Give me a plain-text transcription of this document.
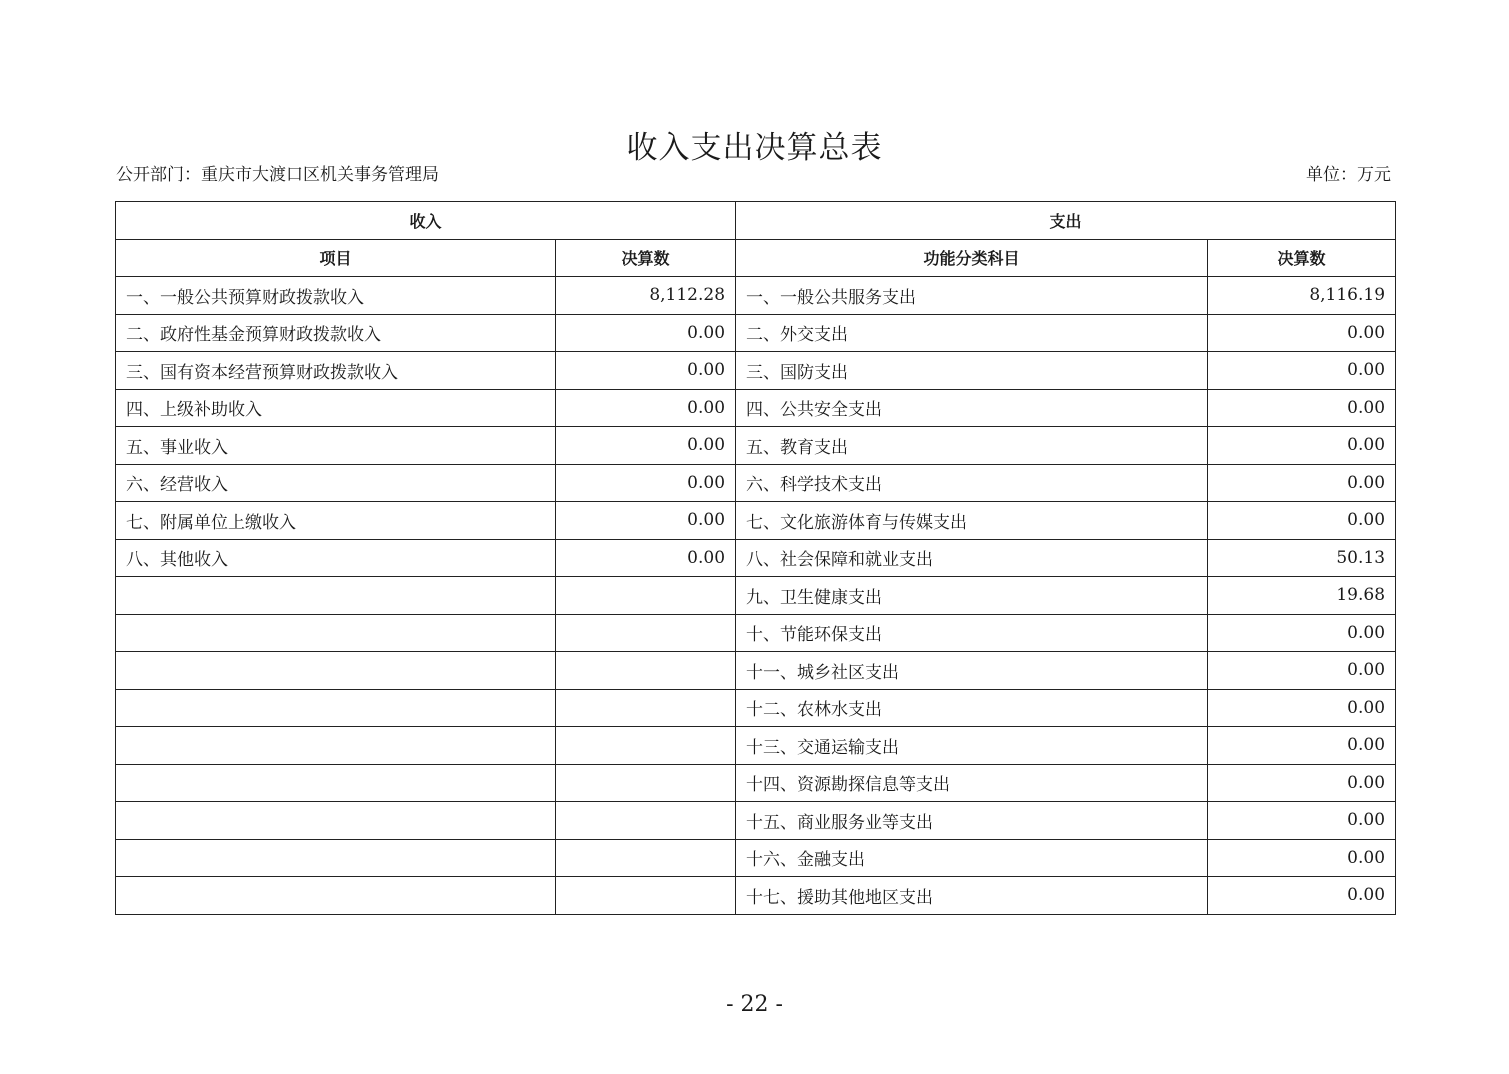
收入支出决算总表
公开部门：重庆市大渡口区机关事务管理局	单位：万元
收入		支出	
项目	决算数	功能分类科目	决算数
一、一般公共预算财政拨款收入	8,112.28	一、一般公共服务支出	8,116.19
二、政府性基金预算财政拨款收入	0.00	二、外交支出	0.00
三、国有资本经营预算财政拨款收入	0.00	三、国防支出	0.00
四、上级补助收入	0.00	四、公共安全支出	0.00
五、事业收入	0.00	五、教育支出	0.00
六、经营收入	0.00	六、科学技术支出	0.00
七、附属单位上缴收入	0.00	七、文化旅游体育与传媒支出	0.00
八、其他收入	0.00	八、社会保障和就业支出	50.13
		九、卫生健康支出	19.68
		十、节能环保支出	0.00
		十一、城乡社区支出	0.00
		十二、农林水支出	0.00
		十三、交通运输支出	0.00
		十四、资源勘探信息等支出	0.00
		十五、商业服务业等支出	0.00
		十六、金融支出	0.00
		十七、援助其他地区支出	0.00
- 22 -
